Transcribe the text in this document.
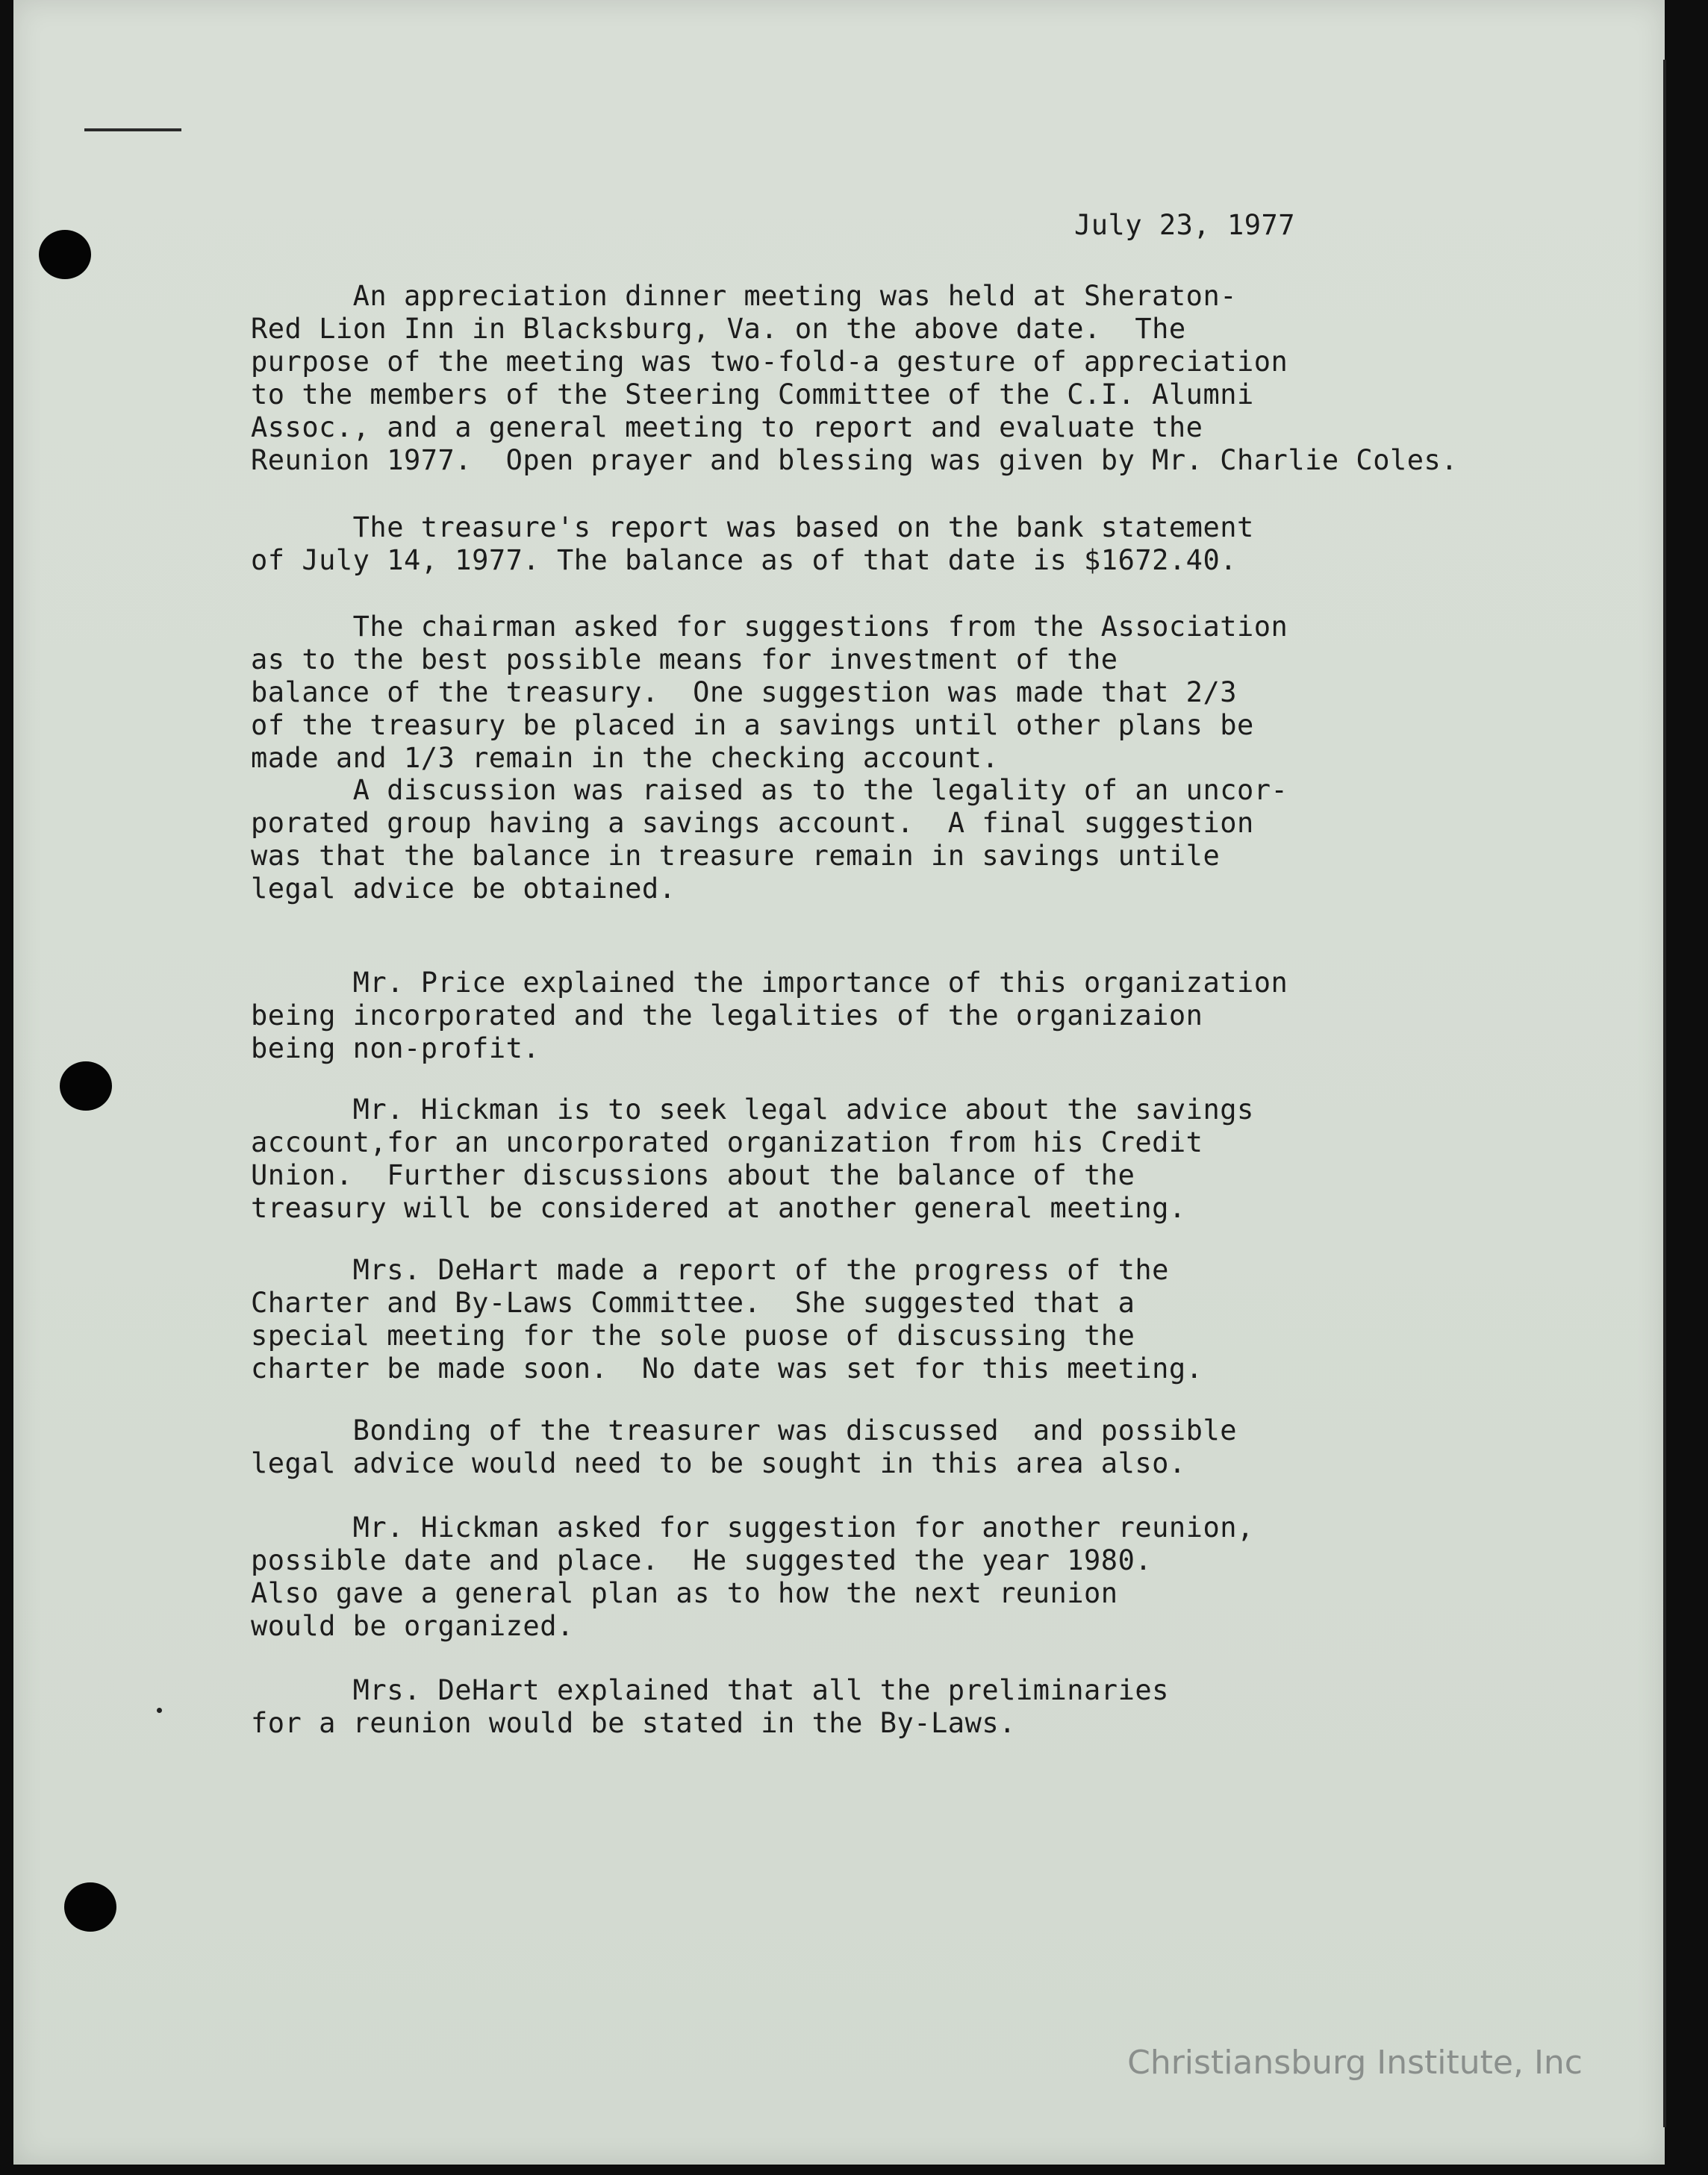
July 23, 1977
An appreciation dinner meeting was held at Sheraton-
Red Lion Inn in Blacksburg, Va. on the above date.  The
purpose of the meeting was two-fold-a gesture of appreciation
to the members of the Steering Committee of the C.I. Alumni
Assoc., and a general meeting to report and evaluate the
Reunion 1977.  Open prayer and blessing was given by Mr. Charlie Coles.
The treasure's report was based on the bank statement
of July 14, 1977. The balance as of that date is $1672.40.
The chairman asked for suggestions from the Association
as to the best possible means for investment of the
balance of the treasury.  One suggestion was made that 2/3
of the treasury be placed in a savings until other plans be
made and 1/3 remain in the checking account.
A discussion was raised as to the legality of an uncor-
porated group having a savings account.  A final suggestion
was that the balance in treasure remain in savings untile
legal advice be obtained.
Mr. Price explained the importance of this organization
being incorporated and the legalities of the organizaion
being non-profit.
Mr. Hickman is to seek legal advice about the savings
account,for an uncorporated organization from his Credit
Union.  Further discussions about the balance of the
treasury will be considered at another general meeting.
Mrs. DeHart made a report of the progress of the
Charter and By-Laws Committee.  She suggested that a
special meeting for the sole puose of discussing the
charter be made soon.  No date was set for this meeting.
Bonding of the treasurer was discussed  and possible
legal advice would need to be sought in this area also.
Mr. Hickman asked for suggestion for another reunion,
possible date and place.  He suggested the year 1980.
Also gave a general plan as to how the next reunion
would be organized.
Mrs. DeHart explained that all the preliminaries
for a reunion would be stated in the By-Laws.
Christiansburg Institute, Inc
